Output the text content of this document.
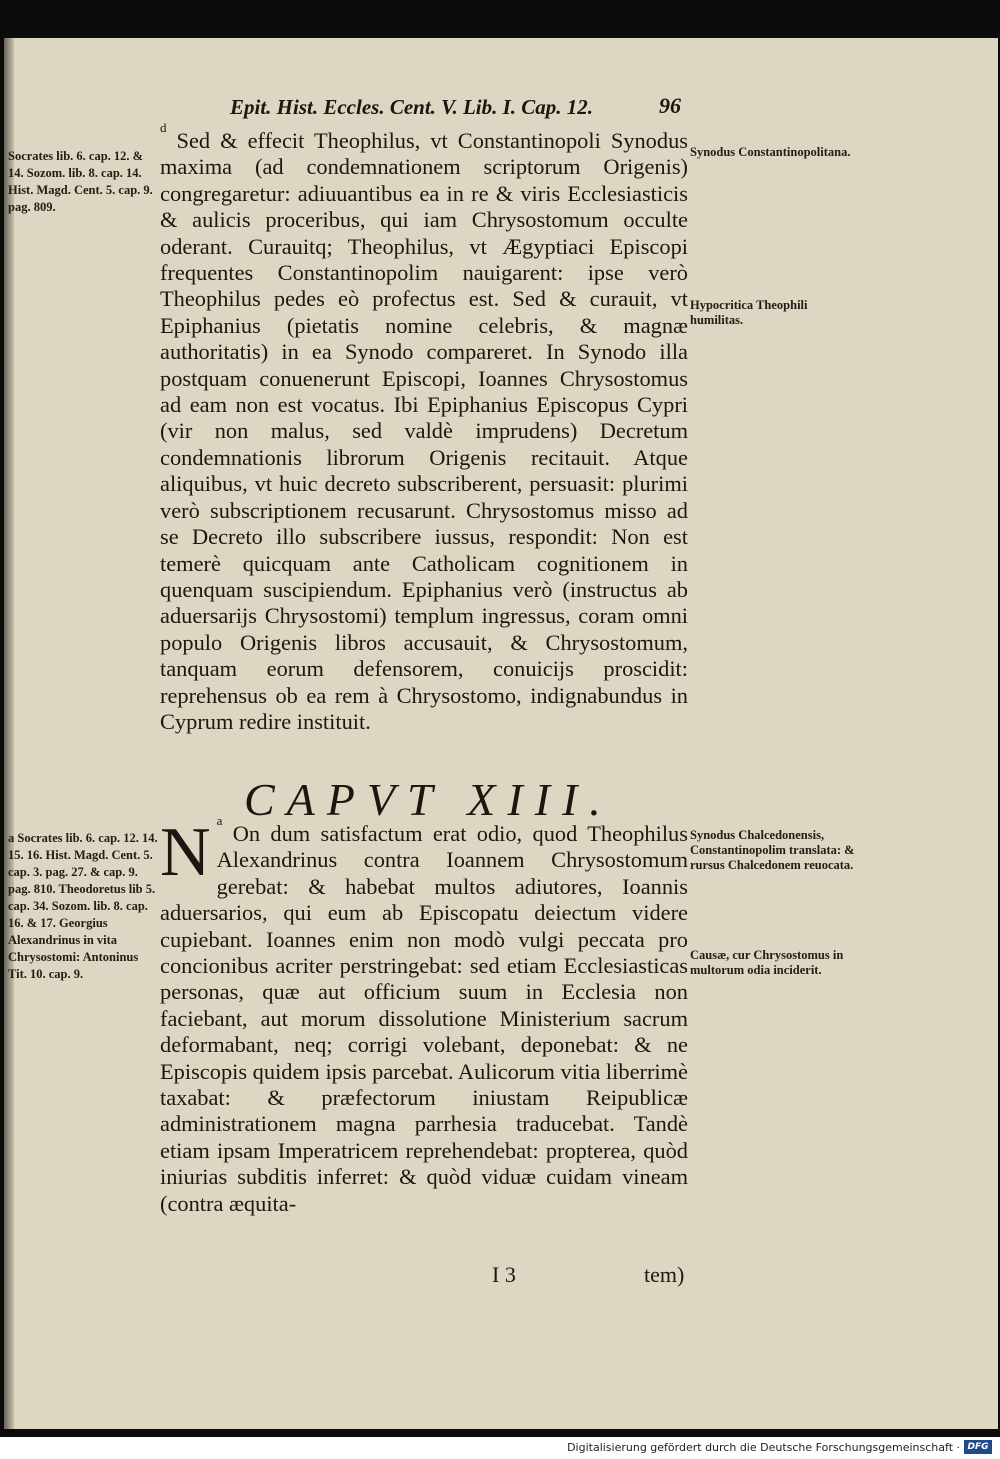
Epit. Hist. Eccles. Cent. V. Lib. I. Cap. 12.	96
Socrates lib. 6. cap. 12. & 14. Sozom. lib. 8. cap. 14. Hist. Magd. Cent. 5. cap. 9. pag. 809.

$^d$ Sed & effecit Theophilus, vt Constantinopoli Synodus maxima (ad condemnationem scriptorum Origenis) congregaretur: adiuuantibus ea in re & viris Ecclesiasticis & aulicis proceribus, qui iam Chrysostomum occulte oderant. Curauitq; Theophilus, vt Ægyptiaci Episcopi frequentes Constantinopolim nauigarent: ipse verò Theophilus pedes eò profectus est. Sed & curauit, vt Epiphanius (pietatis nomine celebris, & magnæ authoritatis) in ea Synodo compareret. In Synodo illa postquam conuenerunt Episcopi, Ioannes Chrysostomus ad eam non est vocatus. Ibi Epiphanius Episcopus Cypri (vir non malus, sed valdè imprudens) Decretum condemnationis librorum Origenis recitauit. Atque aliquibus, vt huic decreto subscriberent, persuasit: plurimi verò subscriptionem recusarunt. Chrysostomus misso ad se Decreto illo subscribere iussus, respondit: Non est temerè quicquam ante Catholicam cognitionem in quenquam suscipiendum. Epiphanius verò (instructus ab aduersarijs Chrysostomi) templum ingressus, coram omni populo Origenis libros accusauit, & Chrysostomum, tanquam eorum defensorem, conuicijs proscidit: reprehensus ob ea rem à Chrysostomo, indignabundus in Cyprum redire instituit.

Synodus Constantinopolitana.
Hypocritica Theophili humilitas.
CAPVT XIII.
a Socrates lib. 6. cap. 12. 14. 15. 16. Hist. Magd. Cent. 5. cap. 3. pag. 27. & cap. 9. pag. 810. Theodoretus lib 5. cap. 34. Sozom. lib. 8. cap. 16. & 17. Georgius Alexandrinus in vita Chrysostomi: Antoninus Tit. 10. cap. 9.

$^a$
N On dum satisfactum erat odio, quod Theophilus Alexandrinus contra Ioannem Chrysostomum gerebat: & habebat multos adiutores, Ioannis aduersarios, qui eum ab Episcopatu deiectum videre cupiebant. Ioannes enim non modò vulgi peccata pro concionibus acriter perstringebat: sed etiam Ecclesiasticas personas, quæ aut officium suum in Ecclesia non faciebant, aut morum dissolutione Ministerium sacrum deformabant, neq; corrigi volebant, deponebat: & ne Episcopis quidem ipsis parcebat. Aulicorum vitia liberrimè taxabat: & præfectorum iniustam Reipublicæ administrationem magna parrhesia traducebat. Tandè etiam ipsam Imperatricem reprehendebat: propterea, quòd iniurias subditis inferret: & quòd viduæ cuidam vineam (contra æquita-

Synodus Chalcedonensis, Constantinopolim translata: & rursus Chalcedonem reuocata.
Causæ, cur Chrysostomus in multorum odia inciderit.
I 3	tem)
Digitalisierung gefördert durch die Deutsche Forschungsgemeinschaft · DFG
